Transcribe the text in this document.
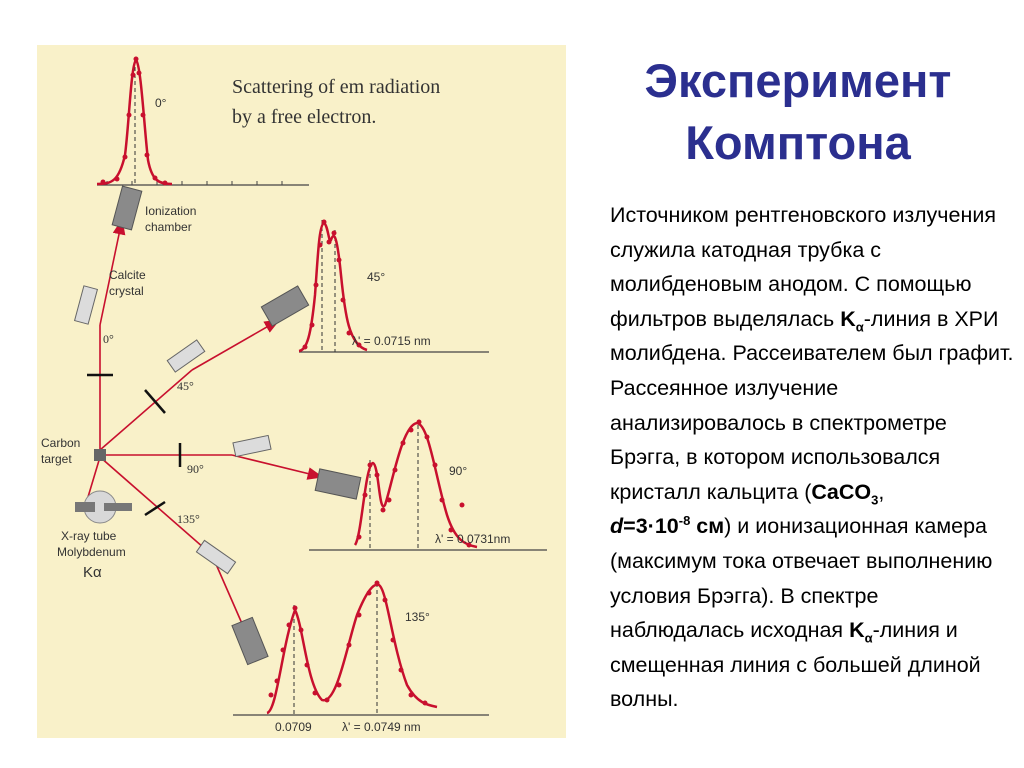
Эксперимент
Комптона
Источником рентгеновского излучения служила катодная трубка с молибденовым анодом. С помощью фильтров выделялась $K_\alpha$-линия в ХРИ молибдена. Рассеивателем был графит. Рассеянное излучение анализировалось в спектрометре Брэгга, в котором использовался кристалл кальцита (CaCO$_3$,
$d=3\cdot 10^{-8}$ см) и ионизационная камера (максимум тока отвечает выполнению условия Брэгга). В спектре наблюдалась исходная $K_\alpha$-линия и смещенная линия с большей длиной волны.
Scattering of em radiation
by a free electron.
0°
45°
λ' = 0.0715 nm
90°
λ' = 0.0731nm
135°
0.0709	λ' = 0.0749 nm
Ionization
chamber
Calcite
crystal
0°
45°
90°
135°
Carbon
target
X-ray tube
Molybdenum
Kα
